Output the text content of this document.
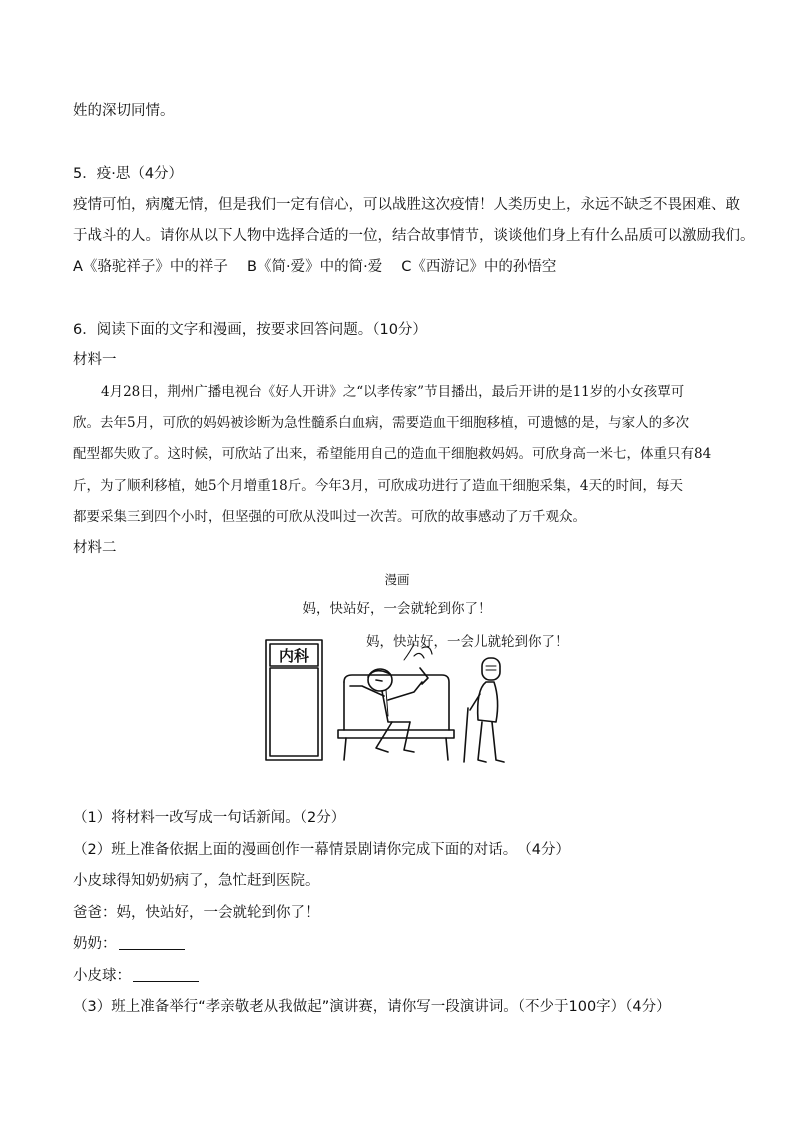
姓的深切同情。
5．疫·思（4分）
疫情可怕，病魔无情，但是我们一定有信心，可以战胜这次疫情！人类历史上，永远不缺乏不畏困难、敢
于战斗的人。请你从以下人物中选择合适的一位，结合故事情节，谈谈他们身上有什么品质可以激励我们。
A《骆驼祥子》中的祥子　 B《简·爱》中的简·爱　 C《西游记》中的孙悟空
6．阅读下面的文字和漫画，按要求回答问题。（10分）
材料一
4月28日，荆州广播电视台《好人开讲》之“以孝传家”节目播出，最后开讲的是11岁的小女孩覃可
欣。去年5月，可欣的妈妈被诊断为急性髓系白血病，需要造血干细胞移植，可遗憾的是，与家人的多次
配型都失败了。这时候，可欣站了出来，希望能用自己的造血干细胞救妈妈。可欣身高一米七，体重只有84
斤，为了顺利移植，她5个月增重18斤。今年3月，可欣成功进行了造血干细胞采集，4天的时间，每天
都要采集三到四个小时，但坚强的可欣从没叫过一次苦。可欣的故事感动了万千观众。
材料二
漫画
妈，快站好，一会就轮到你了！
妈，快站好，一会儿就轮到你了！
内科
（1）将材料一改写成一句话新闻。（2分）
（2）班上准备依据上面的漫画创作一幕情景剧请你完成下面的对话。　（4分）
小皮球得知奶奶病了，急忙赶到医院。
爸爸：妈，快站好，一会就轮到你了！
奶奶：
小皮球：
（3）班上准备举行“孝亲敬老从我做起”演讲赛，请你写一段演讲词。（不少于100字）（4分）
